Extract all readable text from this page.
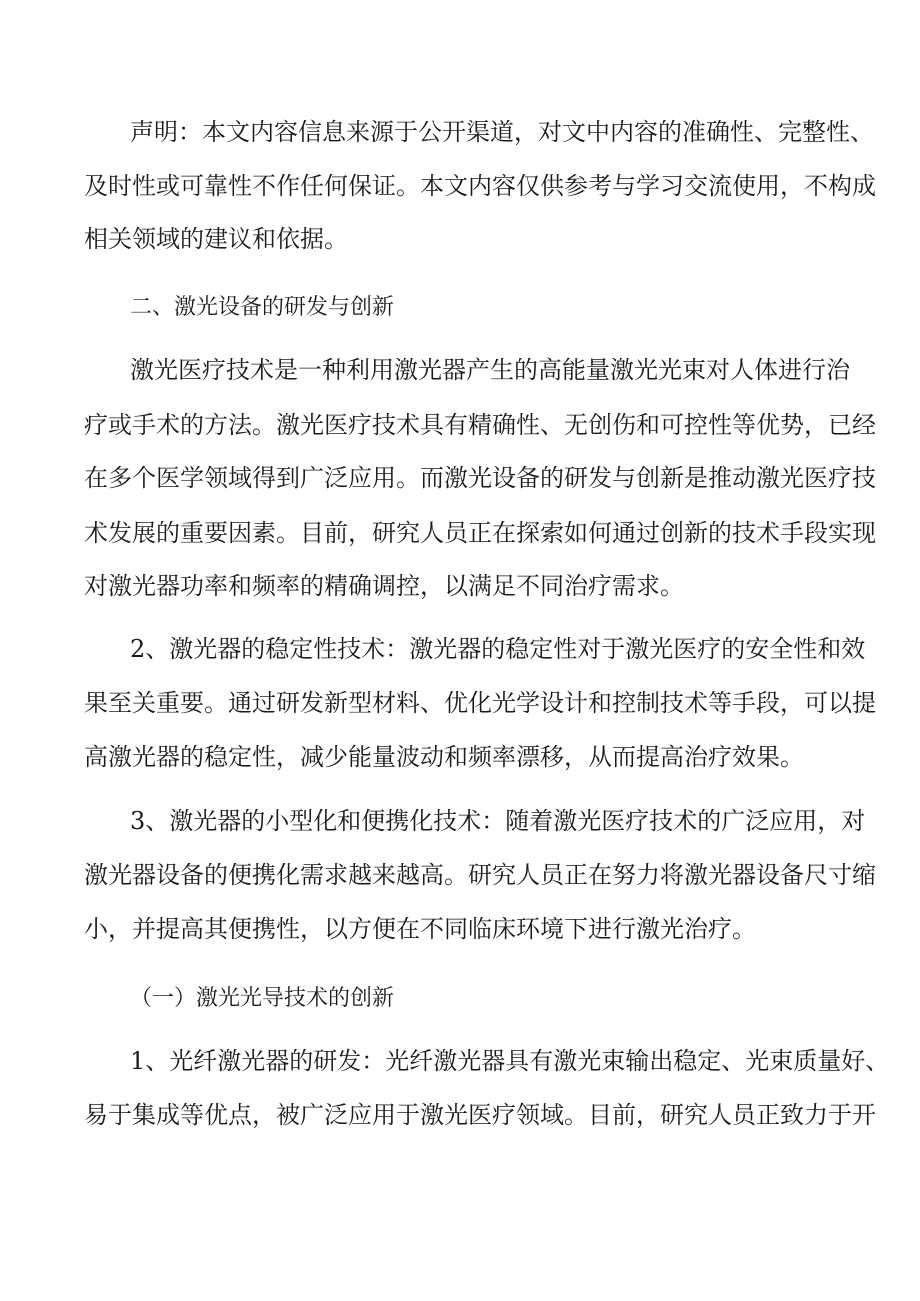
声明：本文内容信息来源于公开渠道，对文中内容的准确性、完整性、
及时性或可靠性不作任何保证。本文内容仅供参考与学习交流使用，不构成
相关领域的建议和依据。
二、激光设备的研发与创新
激光医疗技术是一种利用激光器产生的高能量激光光束对人体进行治
疗或手术的方法。激光医疗技术具有精确性、无创伤和可控性等优势，已经
在多个医学领域得到广泛应用。而激光设备的研发与创新是推动激光医疗技
术发展的重要因素。目前，研究人员正在探索如何通过创新的技术手段实现
对激光器功率和频率的精确调控，以满足不同治疗需求。
2、激光器的稳定性技术：激光器的稳定性对于激光医疗的安全性和效
果至关重要。通过研发新型材料、优化光学设计和控制技术等手段，可以提
高激光器的稳定性，减少能量波动和频率漂移，从而提高治疗效果。
3、激光器的小型化和便携化技术：随着激光医疗技术的广泛应用，对
激光器设备的便携化需求越来越高。研究人员正在努力将激光器设备尺寸缩
小，并提高其便携性，以方便在不同临床环境下进行激光治疗。
（一）激光光导技术的创新
1、光纤激光器的研发：光纤激光器具有激光束输出稳定、光束质量好、
易于集成等优点，被广泛应用于激光医疗领域。目前，研究人员正致力于开
